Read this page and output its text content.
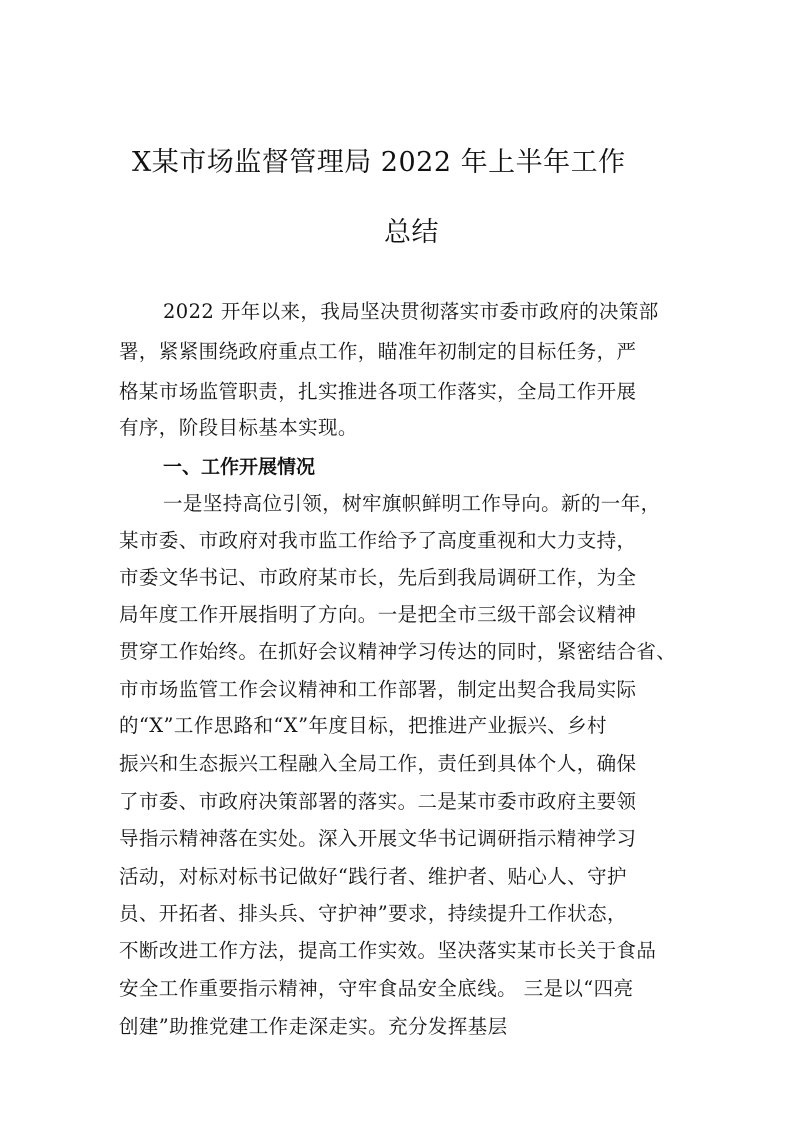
X某市场监督管理局 2022 年上半年工作
总结
2022 开年以来，我局坚决贯彻落实市委市政府的决策部
署，紧紧围绕政府重点工作，瞄准年初制定的目标任务，严
格某市场监管职责，扎实推进各项工作落实，全局工作开展
有序，阶段目标基本实现。
一、工作开展情况
一是坚持高位引领，树牢旗帜鲜明工作导向。新的一年，
某市委、市政府对我市监工作给予了高度重视和大力支持，
市委文华书记、市政府某市长，先后到我局调研工作，为全
局年度工作开展指明了方向。一是把全市三级干部会议精神
贯穿工作始终。在抓好会议精神学习传达的同时，紧密结合省、
市市场监管工作会议精神和工作部署，制定出契合我局实际
的“X”工作思路和“X”年度目标，把推进产业振兴、乡村
振兴和生态振兴工程融入全局工作，责任到具体个人，确保
了市委、市政府决策部署的落实。二是某市委市政府主要领
导指示精神落在实处。深入开展文华书记调研指示精神学习
活动，对标对标书记做好“践行者、维护者、贴心人、守护
员、开拓者、排头兵、守护神”要求，持续提升工作状态，
不断改进工作方法，提高工作实效。坚决落实某市长关于食品
安全工作重要指示精神，守牢食品安全底线。 三是以“四亮
创建”助推党建工作走深走实。充分发挥基层
